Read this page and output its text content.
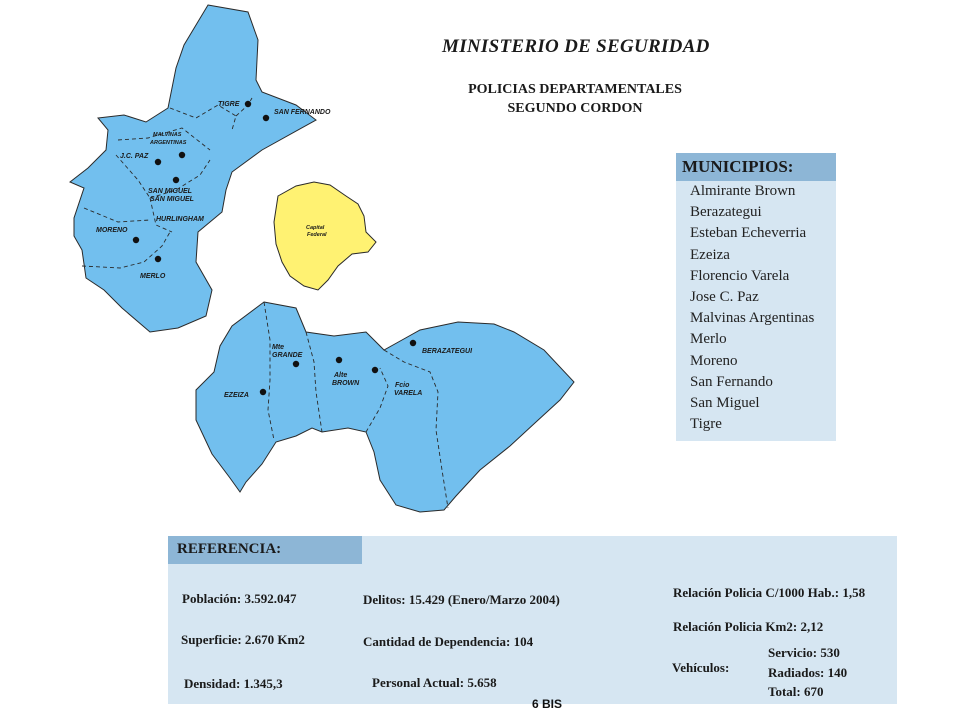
MINISTERIO DE SEGURIDAD
POLICIAS DEPARTAMENTALES
SEGUNDO CORDON
TIGRE
SAN FERNANDO
MALVINAS
ARGENTINAS
J.C. PAZ
SAN MIGUEL
SAN MIGUEL
HURLINGHAM
MORENO
MERLO
Capital
Federal
Mte
GRANDE
EZEIZA
Alte
BROWN	Fcio
VARELA
BERAZATEGUI
MUNICIPIOS:
Almirante Brown
Berazategui
Esteban Echeverria
Ezeiza
Florencio Varela
Jose C. Paz
Malvinas Argentinas
Merlo
Moreno
San Fernando
San Miguel
Tigre
REFERENCIA:
Población: 3.592.047
Superficie: 2.670 Km2
Densidad: 1.345,3
Delitos: 15.429 (Enero/Marzo 2004)
Cantidad de Dependencia: 104
Personal Actual: 5.658
Relación Policia C/1000 Hab.: 1,58
Relación Policia Km2: 2,12
Vehículos:
Servicio: 530
Radiados: 140
Total: 670
6 BIS
